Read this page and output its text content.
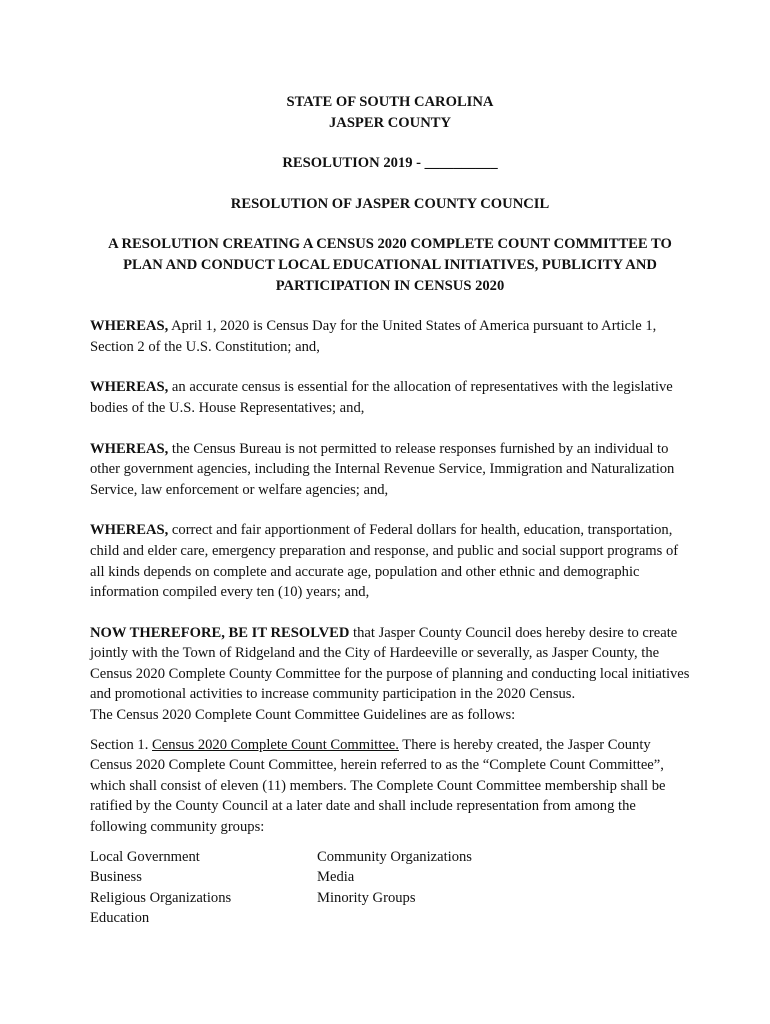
STATE OF SOUTH CAROLINA
JASPER COUNTY
RESOLUTION 2019 - __________
RESOLUTION OF JASPER COUNTY COUNCIL
A RESOLUTION CREATING A CENSUS 2020 COMPLETE COUNT COMMITTEE TO
PLAN AND CONDUCT LOCAL EDUCATIONAL INITIATIVES, PUBLICITY AND
PARTICIPATION IN CENSUS 2020
WHEREAS, April 1, 2020 is Census Day for the United States of America pursuant to Article 1, Section 2 of the U.S. Constitution; and,
WHEREAS, an accurate census is essential for the allocation of representatives with the legislative bodies of the U.S. House Representatives; and,
WHEREAS, the Census Bureau is not permitted to release responses furnished by an individual to other government agencies, including the Internal Revenue Service, Immigration and Naturalization Service, law enforcement or welfare agencies; and,
WHEREAS, correct and fair apportionment of Federal dollars for health, education, transportation, child and elder care, emergency preparation and response, and public and social support programs of all kinds depends on complete and accurate age, population and other ethnic and demographic information compiled every ten (10) years; and,
NOW THEREFORE, BE IT RESOLVED that Jasper County Council does hereby desire to create jointly with the Town of Ridgeland and the City of Hardeeville or severally, as Jasper County, the Census 2020 Complete County Committee for the purpose of planning and conducting local initiatives and promotional activities to increase community participation in the 2020 Census.
The Census 2020 Complete Count Committee Guidelines are as follows:
Section 1. Census 2020 Complete Count Committee. There is hereby created, the Jasper County Census 2020 Complete Count Committee, herein referred to as the “Complete Count Committee”, which shall consist of eleven (11) members. The Complete Count Committee membership shall be ratified by the County Council at a later date and shall include representation from among the following community groups:
Local Government
Business
Religious Organizations
Education
Community Organizations
Media
Minority Groups
